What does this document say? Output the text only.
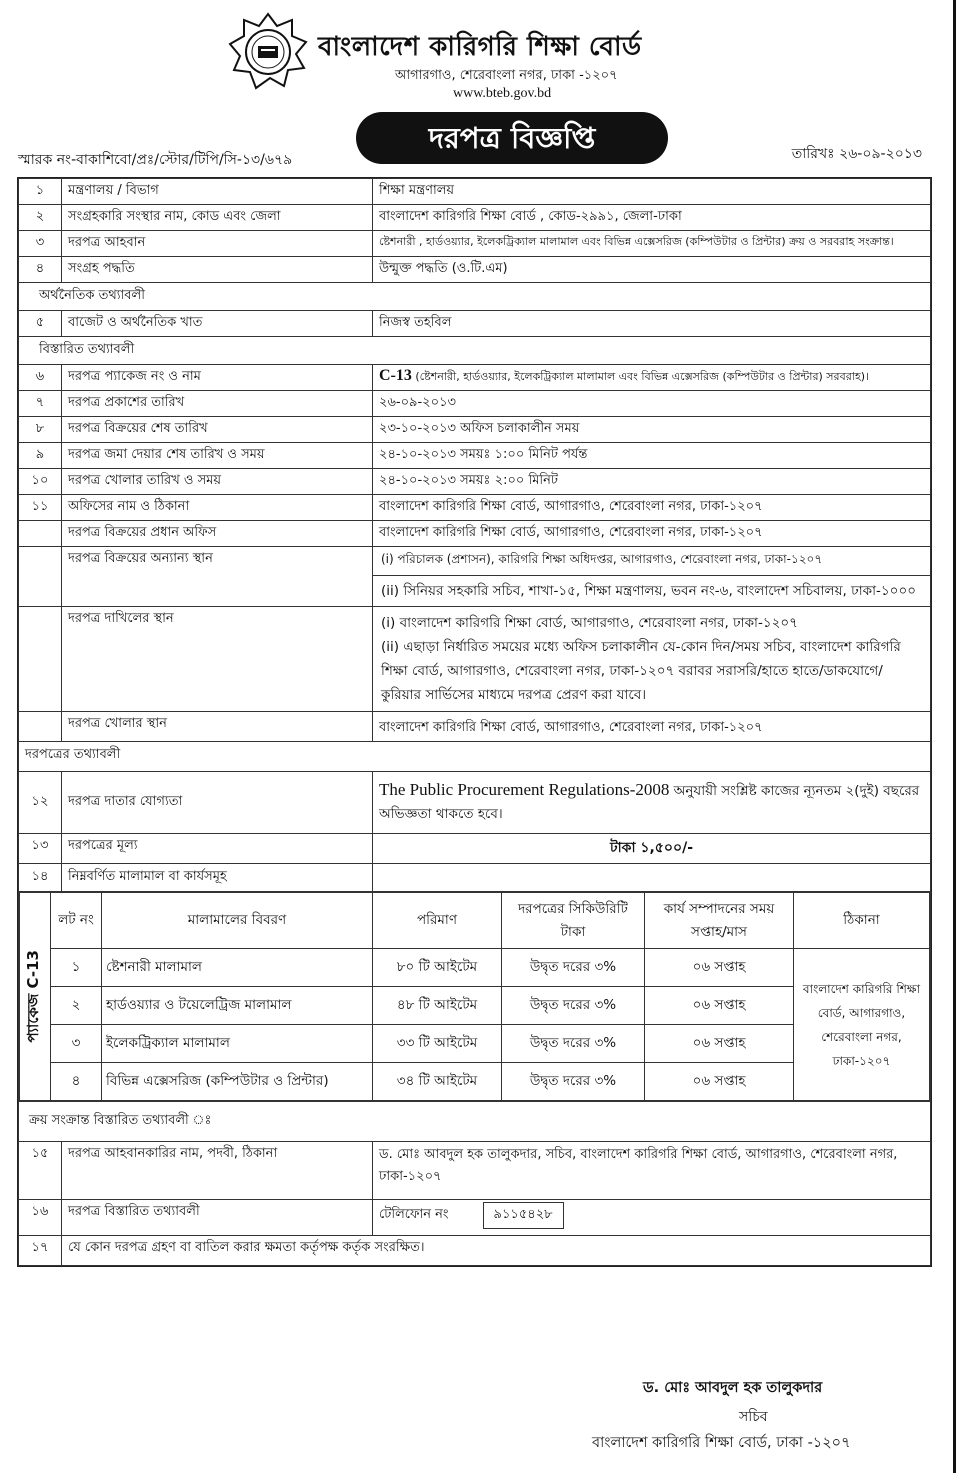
বাংলাদেশ কারিগরি শিক্ষা বোর্ড
আগারগাও, শেরেবাংলা নগর, ঢাকা -১২০৭
www.bteb.gov.bd
স্মারক নং-বাকাশিবো/প্রঃ/স্টোর/টিপি/সি-১৩/৬৭৯
দরপত্র বিজ্ঞপ্তি	তারিখঃ ২৬-০৯-২০১৩
১	মন্ত্রণালয় / বিভাগ	শিক্ষা মন্ত্রণালয়
২	সংগ্রহকারি সংস্থার নাম, কোড এবং জেলা	বাংলাদেশ কারিগরি শিক্ষা বোর্ড , কোড-২৯৯১, জেলা-ঢাকা
৩	দরপত্র আহবান	ষ্টেশনারী , হার্ডওয়্যার, ইলেকট্রিক্যাল মালামাল এবং বিভিন্ন এক্সেসরিজ (কম্পিউটার ও প্রিন্টার) ক্রয় ও সরবরাহ সংক্রান্ত।
৪	সংগ্রহ পদ্ধতি	উন্মুক্ত পদ্ধতি (ও.টি.এম)
অর্থনৈতিক তথ্যাবলী
৫	বাজেট ও অর্থনৈতিক খাত	নিজস্ব তহবিল
বিস্তারিত তথ্যাবলী
৬	দরপত্র প্যাকেজ নং ও নাম	C-13 (ষ্টেশনারী, হার্ডওয়্যার, ইলেকট্রিক্যাল মালামাল এবং বিভিন্ন এক্সেসরিজ (কম্পিউটার ও প্রিন্টার) সরবরাহ)।
৭	দরপত্র প্রকাশের তারিখ	২৬-০৯-২০১৩
৮	দরপত্র বিক্রয়ের শেষ তারিখ	২৩-১০-২০১৩ অফিস চলাকালীন সময়
৯	দরপত্র জমা দেয়ার শেষ তারিখ ও সময়	২৪-১০-২০১৩ সময়ঃ ১:০০ মিনিট পর্যন্ত
১০	দরপত্র খোলার তারিখ ও সময়	২৪-১০-২০১৩ সময়ঃ ২:০০ মিনিট
১১	অফিসের নাম ও ঠিকানা	বাংলাদেশ কারিগরি শিক্ষা বোর্ড, আগারগাও, শেরেবাংলা নগর, ঢাকা-১২০৭
	দরপত্র বিক্রয়ের প্রধান অফিস	বাংলাদেশ কারিগরি শিক্ষা বোর্ড, আগারগাও, শেরেবাংলা নগর, ঢাকা-১২০৭
	দরপত্র বিক্রয়ের অন্যান্য স্থান	(i) পরিচালক (প্রশাসন), কারিগরি শিক্ষা অধিদপ্তর, আগারগাও, শেরেবাংলা নগর, ঢাকা-১২০৭
(ii) সিনিয়র সহকারি সচিব, শাখা-১৫, শিক্ষা মন্ত্রণালয়, ভবন নং-৬, বাংলাদেশ সচিবালয়, ঢাকা-১০০০

	দরপত্র দাখিলের স্থান	(i) বাংলাদেশ কারিগরি শিক্ষা বোর্ড, আগারগাও, শেরেবাংলা নগর, ঢাকা-১২০৭
(ii) এছাড়া নির্ধারিত সময়ের মধ্যে অফিস চলাকালীন যে-কোন দিন/সময় সচিব, বাংলাদেশ কারিগরি শিক্ষা বোর্ড, আগারগাও, শেরেবাংলা নগর, ঢাকা-১২০৭ বরাবর সরাসরি/হাতে হাতে/ডাকযোগে/কুরিয়ার সার্ভিসের মাধ্যমে দরপত্র প্রেরণ করা যাবে।

	দরপত্র খোলার স্থান	বাংলাদেশ কারিগরি শিক্ষা বোর্ড, আগারগাও, শেরেবাংলা নগর, ঢাকা-১২০৭
দরপত্রের তথ্যাবলী
১২	দরপত্র দাতার যোগ্যতা	The Public Procurement Regulations-2008 অনুযায়ী সংশ্লিষ্ট কাজের ন্যূনতম ২(দুই) বছরের অভিজ্ঞতা থাকতে হবে।
১৩	দরপত্রের মূল্য	টাকা ১,৫০০/-
১৪	নিম্নবর্ণিত মালামাল বা কার্যসমূহ	

প্যাকেজ C-13
	লট নং	মালামালের বিবরণ	পরিমাণ	দরপত্রের সিকিউরিটি টাকা	কার্য সম্পাদনের সময় সপ্তাহ/মাস	ঠিকানা
১	ষ্টেশনারী মালামাল	৮০ টি আইটেম	উদ্বৃত দরের ৩%	০৬ সপ্তাহ	বাংলাদেশ কারিগরি শিক্ষা বোর্ড, আগারগাও, শেরেবাংলা নগর, ঢাকা-১২০৭
২	হার্ডওয়্যার ও টয়েলেট্রিজ মালামাল	৪৮ টি আইটেম	উদ্বৃত দরের ৩%	০৬ সপ্তাহ
৩	ইলেকট্রিক্যাল মালামাল	৩৩ টি আইটেম	উদ্বৃত দরের ৩%	০৬ সপ্তাহ
৪	বিভিন্ন এক্সেসরিজ (কম্পিউটার ও প্রিন্টার)	৩৪ টি আইটেম	উদ্বৃত দরের ৩%	০৬ সপ্তাহ

ক্রয় সংক্রান্ত বিস্তারিত তথ্যাবলী ঃ
১৫	দরপত্র আহবানকারির নাম, পদবী, ঠিকানা	ড. মোঃ আবদুল হক তালুকদার, সচিব, বাংলাদেশ কারিগরি শিক্ষা বোর্ড, আগারগাও, শেরেবাংলা নগর, ঢাকা-১২০৭
১৬	দরপত্র বিস্তারিত তথ্যাবলী	টেলিফোন নং	৯১১৫৪২৮
১৭	যে কোন দরপত্র গ্রহণ বা বাতিল করার ক্ষমতা কর্তৃপক্ষ কর্তৃক সংরক্ষিত।
ড. মোঃ আবদুল হক তালুকদার
সচিব
বাংলাদেশ কারিগরি শিক্ষা বোর্ড, ঢাকা -১২০৭
